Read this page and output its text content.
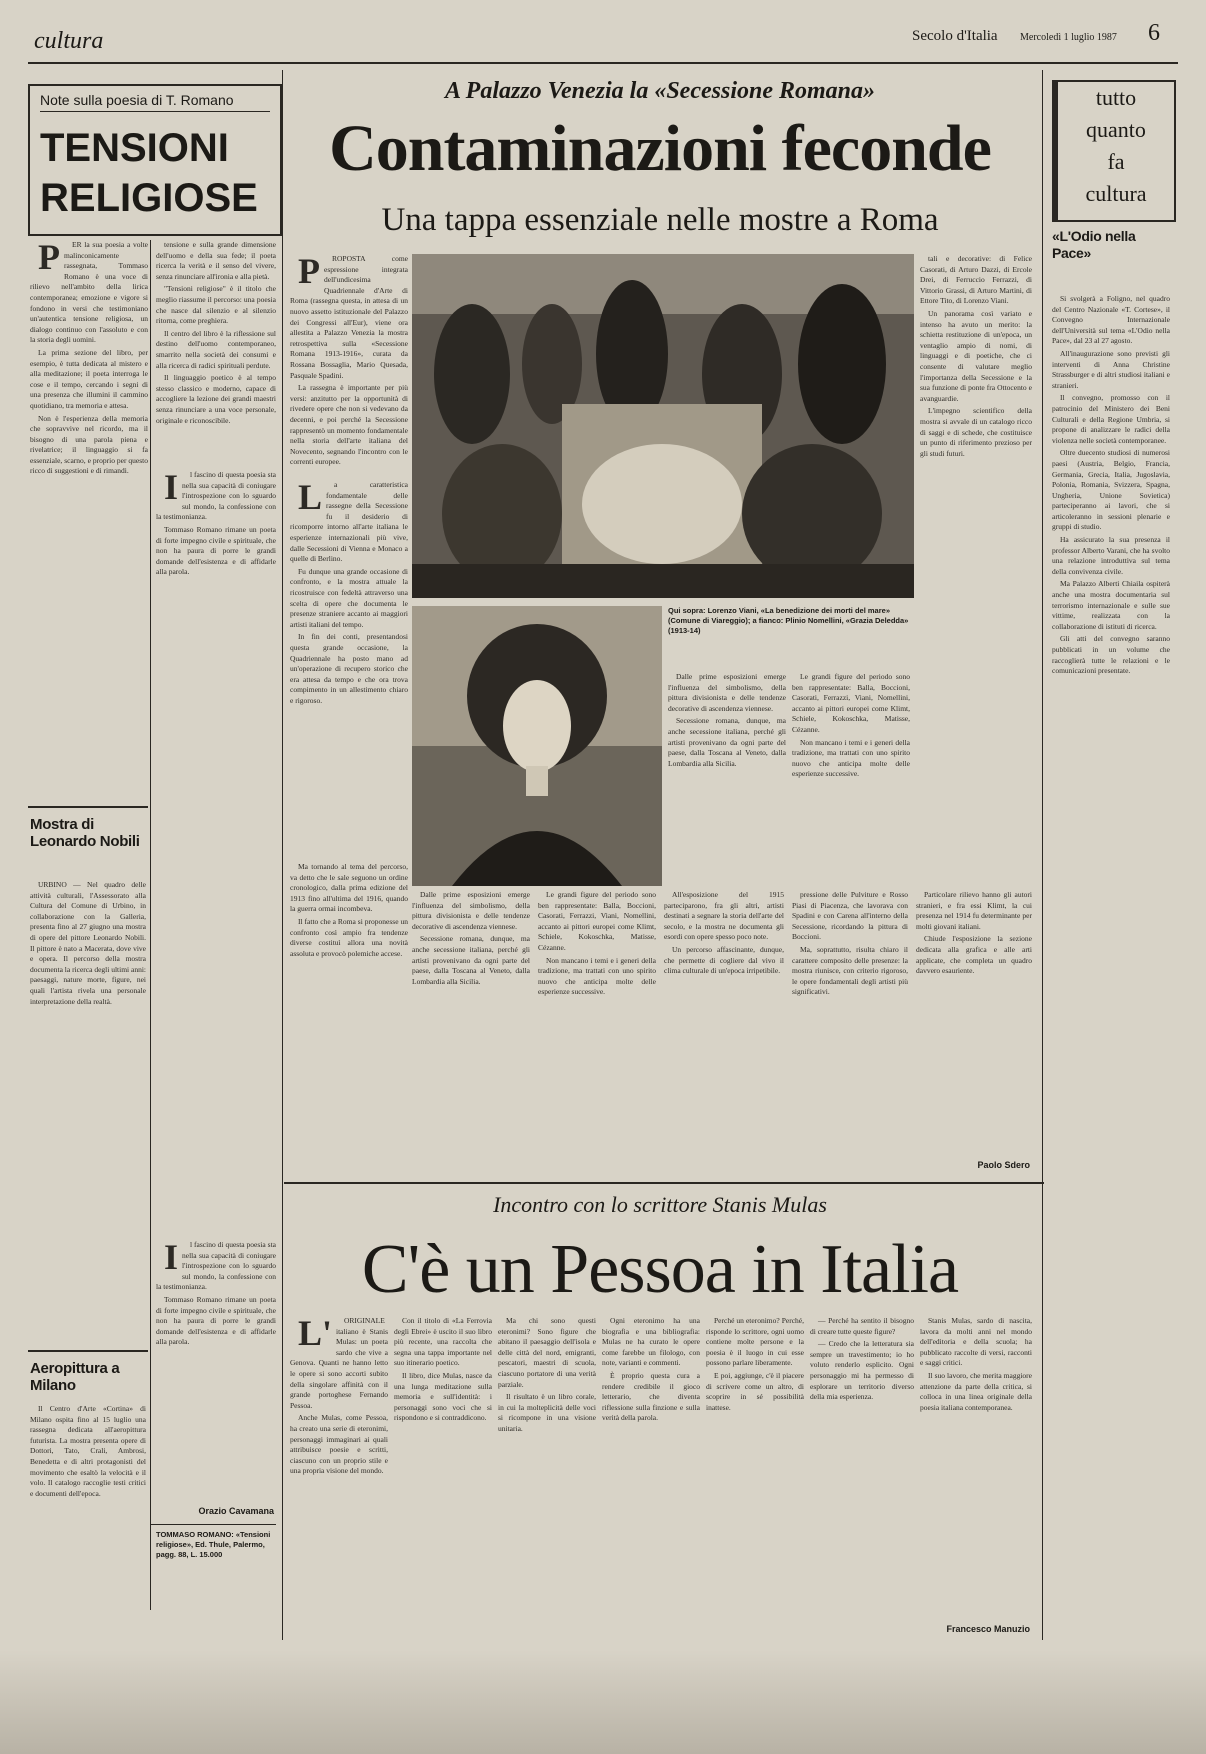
cultura	Secolo d'Italia Mercoledì 1 luglio 1987 6
Note sulla poesia di T. Romano
TENSIONI
RELIGIOSE

PER la sua poesia a volte malinconicamente rassegnata, Tommaso Romano è una voce di rilievo nell'ambito della lirica contemporanea; emozione e vigore si fondono in versi che testimoniano un'autentica tensione religiosa, un dialogo continuo con l'assoluto e con la storia degli uomini.

La prima sezione del libro, per esempio, è tutta dedicata al mistero e alla meditazione; il poeta interroga le cose e il tempo, cercando i segni di una presenza che illumini il cammino quotidiano, tra memoria e attesa.

Non è l'esperienza della memoria che sopravvive nel ricordo, ma il bisogno di una parola piena e rivelatrice; il linguaggio si fa essenziale, scarno, e proprio per questo ricco di suggestioni e di rimandi.

tensione e sulla grande dimensione dell'uomo e della sua fede; il poeta ricerca la verità e il senso del vivere, senza rinunciare all'ironia e alla pietà.

"Tensioni religiose" è il titolo che meglio riassume il percorso: una poesia che nasce dal silenzio e al silenzio ritorna, come preghiera.

Il centro del libro è la riflessione sul destino dell'uomo contemporaneo, smarrito nella società dei consumi e alla ricerca di radici spirituali perdute.

Il linguaggio poetico è al tempo stesso classico e moderno, capace di accogliere la lezione dei grandi maestri senza rinunciare a una voce personale, originale e riconoscibile.

Il fascino di questa poesia sta nella sua capacità di coniugare l'introspezione con lo sguardo sul mondo, la confessione con la testimonianza.

Tommaso Romano rimane un poeta di forte impegno civile e spirituale, che non ha paura di porre le grandi domande dell'esistenza e di affidarle alla parola.

Il fascino di questa poesia sta nella sua capacità di coniugare l'introspezione con lo sguardo sul mondo, la confessione con la testimonianza.

Tommaso Romano rimane un poeta di forte impegno civile e spirituale, che non ha paura di porre le grandi domande dell'esistenza e di affidarle alla parola.

Orazio Cavamana
TOMMASO ROMANO: «Tensioni religiose», Ed. Thule, Palermo, pagg. 88, L. 15.000
Mostra di Leonardo Nobili

URBINO — Nel quadro delle attività culturali, l'Assessorato alla Cultura del Comune di Urbino, in collaborazione con la Galleria, presenta fino al 27 giugno una mostra di opere del pittore Leonardo Nobili. Il pittore è nato a Macerata, dove vive e opera. Il percorso della mostra documenta la ricerca degli ultimi anni: paesaggi, nature morte, figure, nei quali l'artista rivela una personale interpretazione della realtà.

Aeropittura a Milano

Il Centro d'Arte «Cortina» di Milano ospita fino al 15 luglio una rassegna dedicata all'aeropittura futurista. La mostra presenta opere di Dottori, Tato, Crali, Ambrosi, Benedetta e di altri protagonisti del movimento che esaltò la velocità e il volo. Il catalogo raccoglie testi critici e documenti dell'epoca.

A Palazzo Venezia la «Secessione Romana»
Contaminazioni feconde
Una tappa essenziale nelle mostre a Roma

PROPOSTA come espressione integrata dell'undicesima Quadriennale d'Arte di Roma (rassegna questa, in attesa di un nuovo assetto istituzionale del Palazzo dei Congressi all'Eur), viene ora allestita a Palazzo Venezia la mostra retrospettiva sulla «Secessione Romana 1913-1916», curata da Rossana Bossaglia, Mario Quesada, Pasquale Spadini.

La rassegna è importante per più versi: anzitutto per la opportunità di rivedere opere che non si vedevano da decenni, e poi perché la Secessione rappresentò un momento fondamentale nella storia dell'arte italiana del Novecento, segnando l'incontro con le correnti europee.

La caratteristica fondamentale delle rassegne della Secessione fu il desiderio di ricomporre intorno all'arte italiana le esperienze internazionali più vive, dalle Secessioni di Vienna e Monaco a quelle di Berlino.

Fu dunque una grande occasione di confronto, e la mostra attuale la ricostruisce con fedeltà attraverso una scelta di opere che documenta le presenze straniere accanto ai maggiori artisti italiani del tempo.

In fin dei conti, presentandosi questa grande occasione, la Quadriennale ha posto mano ad un'operazione di recupero storico che era attesa da tempo e che ora trova compimento in un allestimento chiaro e rigoroso.

Ma tornando al tema del percorso, va detto che le sale seguono un ordine cronologico, dalla prima edizione del 1913 fino all'ultima del 1916, quando la guerra ormai incombeva.

Il fatto che a Roma si proponesse un confronto così ampio fra tendenze diverse costituì allora una novità assoluta e provocò polemiche accese.

Qui sopra: Lorenzo Viani, «La benedizione dei morti del mare» (Comune di Viareggio); a fianco: Plinio Nomellini, «Grazia Deledda» (1913-14)

Dalle prime esposizioni emerge l'influenza del simbolismo, della pittura divisionista e delle tendenze decorative di ascendenza viennese.

Secessione romana, dunque, ma anche secessione italiana, perché gli artisti provenivano da ogni parte del paese, dalla Toscana al Veneto, dalla Lombardia alla Sicilia.

Le grandi figure del periodo sono ben rappresentate: Balla, Boccioni, Casorati, Ferrazzi, Viani, Nomellini, accanto ai pittori europei come Klimt, Schiele, Kokoschka, Matisse, Cézanne.

Non mancano i temi e i generi della tradizione, ma trattati con uno spirito nuovo che anticipa molte delle esperienze successive.

Dalle prime esposizioni emerge l'influenza del simbolismo, della pittura divisionista e delle tendenze decorative di ascendenza viennese.

Secessione romana, dunque, ma anche secessione italiana, perché gli artisti provenivano da ogni parte del paese, dalla Toscana al Veneto, dalla Lombardia alla Sicilia.

Le grandi figure del periodo sono ben rappresentate: Balla, Boccioni, Casorati, Ferrazzi, Viani, Nomellini, accanto ai pittori europei come Klimt, Schiele, Kokoschka, Matisse, Cézanne.

Non mancano i temi e i generi della tradizione, ma trattati con uno spirito nuovo che anticipa molte delle esperienze successive.

All'esposizione del 1915 parteciparono, fra gli altri, artisti destinati a segnare la storia dell'arte del secolo, e la mostra ne documenta gli esordi con opere spesso poco note.

Un percorso affascinante, dunque, che permette di cogliere dal vivo il clima culturale di un'epoca irripetibile.

tali e decorative: di Felice Casorati, di Arturo Dazzi, di Ercole Drei, di Ferruccio Ferrazzi, di Vittorio Grassi, di Arturo Martini, di Ettore Tito, di Lorenzo Viani.

Un panorama così variato e intenso ha avuto un merito: la schietta restituzione di un'epoca, un ventaglio ampio di nomi, di linguaggi e di poetiche, che ci consente di valutare meglio l'importanza della Secessione e la sua funzione di ponte fra Ottocento e avanguardie.

L'impegno scientifico della mostra si avvale di un catalogo ricco di saggi e di schede, che costituisce un punto di riferimento prezioso per gli studi futuri.

pressione delle Pulviture e Rosso Piasi di Piacenza, che lavorava con Spadini e con Carena all'interno della Secessione, ricordando la pittura di Boccioni.

Ma, soprattutto, risulta chiaro il carattere composito delle presenze: la mostra riunisce, con criterio rigoroso, le opere fondamentali degli artisti più significativi.

Particolare rilievo hanno gli autori stranieri, e fra essi Klimt, la cui presenza nel 1914 fu determinante per molti giovani italiani.

Chiude l'esposizione la sezione dedicata alla grafica e alle arti applicate, che completa un quadro davvero esauriente.

Paolo Sdero
Incontro con lo scrittore Stanis Mulas
C'è un Pessoa in Italia

L'ORIGINALE italiano è Stanis Mulas: un poeta sardo che vive a Genova. Quanti ne hanno letto le opere si sono accorti subito della singolare affinità con il grande portoghese Fernando Pessoa.

Anche Mulas, come Pessoa, ha creato una serie di eteronimi, personaggi immaginari ai quali attribuisce poesie e scritti, ciascuno con un proprio stile e una propria visione del mondo.

Con il titolo di «La Ferrovia degli Ebrei» è uscito il suo libro più recente, una raccolta che segna una tappa importante nel suo itinerario poetico.

Il libro, dice Mulas, nasce da una lunga meditazione sulla memoria e sull'identità: i personaggi sono voci che si rispondono e si contraddicono.

Ma chi sono questi eteronimi? Sono figure che abitano il paesaggio dell'isola e delle città del nord, emigranti, pescatori, maestri di scuola, ciascuno portatore di una verità parziale.

Il risultato è un libro corale, in cui la molteplicità delle voci si ricompone in una visione unitaria.

Ogni eteronimo ha una biografia e una bibliografia: Mulas ne ha curato le opere come farebbe un filologo, con note, varianti e commenti.

È proprio questa cura a rendere credibile il gioco letterario, che diventa riflessione sulla finzione e sulla verità della parola.

Perché un eteronimo? Perché, risponde lo scrittore, ogni uomo contiene molte persone e la poesia è il luogo in cui esse possono parlare liberamente.

E poi, aggiunge, c'è il piacere di scrivere come un altro, di scoprire in sé possibilità inattese.

— Perché ha sentito il bisogno di creare tutte queste figure?

— Credo che la letteratura sia sempre un travestimento; io ho voluto renderlo esplicito. Ogni personaggio mi ha permesso di esplorare un territorio diverso della mia esperienza.

Stanis Mulas, sardo di nascita, lavora da molti anni nel mondo dell'editoria e della scuola; ha pubblicato raccolte di versi, racconti e saggi critici.

Il suo lavoro, che merita maggiore attenzione da parte della critica, si colloca in una linea originale della poesia italiana contemporanea.

Francesco Manuzio
tutto
quanto
fa
cultura
«L'Odio nella Pace»

Si svolgerà a Foligno, nel quadro del Centro Nazionale «T. Cortese», il Convegno Internazionale dell'Università sul tema «L'Odio nella Pace», dal 23 al 27 agosto.

All'inaugurazione sono previsti gli interventi di Anna Christine Strassburger e di altri studiosi italiani e stranieri.

Il convegno, promosso con il patrocinio del Ministero dei Beni Culturali e della Regione Umbria, si propone di analizzare le radici della violenza nelle società contemporanee.

Oltre duecento studiosi di numerosi paesi (Austria, Belgio, Francia, Germania, Grecia, Italia, Jugoslavia, Polonia, Romania, Svizzera, Spagna, Ungheria, Unione Sovietica) parteciperanno ai lavori, che si articoleranno in sessioni plenarie e gruppi di studio.

Ha assicurato la sua presenza il professor Alberto Varani, che ha svolto una relazione introduttiva sul tema della convivenza civile.

Ma Palazzo Alberti Chiaila ospiterà anche una mostra documentaria sul terrorismo internazionale e sulle sue vittime, realizzata con la collaborazione di istituti di ricerca.

Gli atti del convegno saranno pubblicati in un volume che raccoglierà tutte le relazioni e le comunicazioni presentate.
